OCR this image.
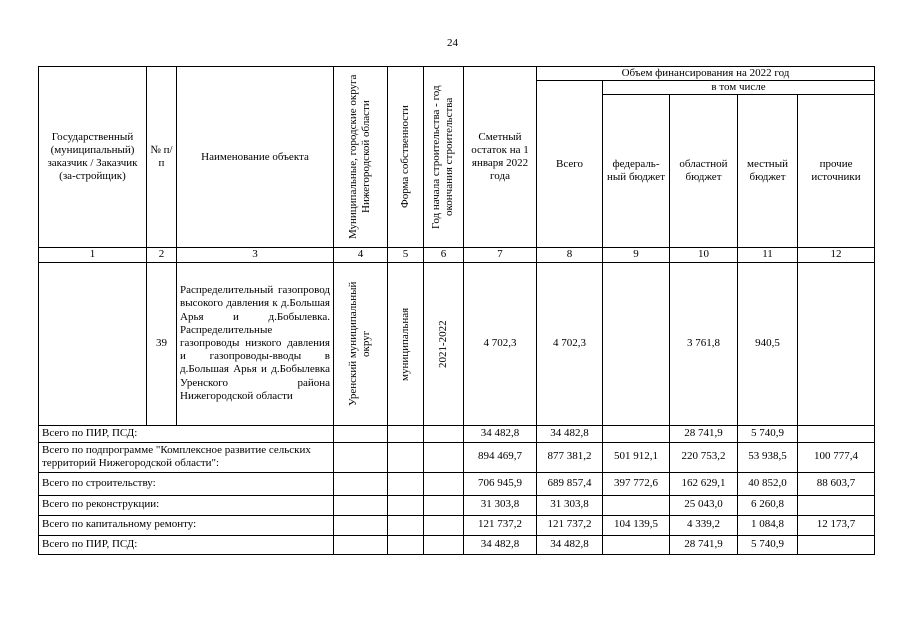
24
Государственный (муниципальный) заказчик / Заказчик (за-стройщик)	№ п/п	Наименование объекта	Муниципальные, городские округа Нижегородской области	Форма собственности	Год начала строительства - год окончания строительства	Сметный остаток на 1 января 2022 года	Объем финансирования на 2022 год				
							Всего	в том числе			
								федераль-ный бюджет	областной бюджет	местный бюджет	прочие источники
1	2	3	4	5	6	7	8	9	10	11	12
	39	Распределительный газопровод высокого давления к д.Большая Арья и д.Бобылевка. Распределительные газопроводы низкого давления и газопроводы-вводы в д.Большая Арья и д.Бобылевка Уренского района Нижегородской области	Уренский муниципальный округ	муниципальная	2021-2022	4 702,3	4 702,3		3 761,8	940,5	
Всего по ПИР, ПСД:						34 482,8	34 482,8		28 741,9	5 740,9	
Всего по подпрограмме "Комплексное развитие сельских территорий Нижегородской области":						894 469,7	877 381,2	501 912,1	220 753,2	53 938,5	100 777,4
Всего по строительству:						706 945,9	689 857,4	397 772,6	162 629,1	40 852,0	88 603,7
Всего по реконструкции:						31 303,8	31 303,8		25 043,0	6 260,8	
Всего по капитальному ремонту:						121 737,2	121 737,2	104 139,5	4 339,2	1 084,8	12 173,7
Всего по ПИР, ПСД:						34 482,8	34 482,8		28 741,9	5 740,9	
